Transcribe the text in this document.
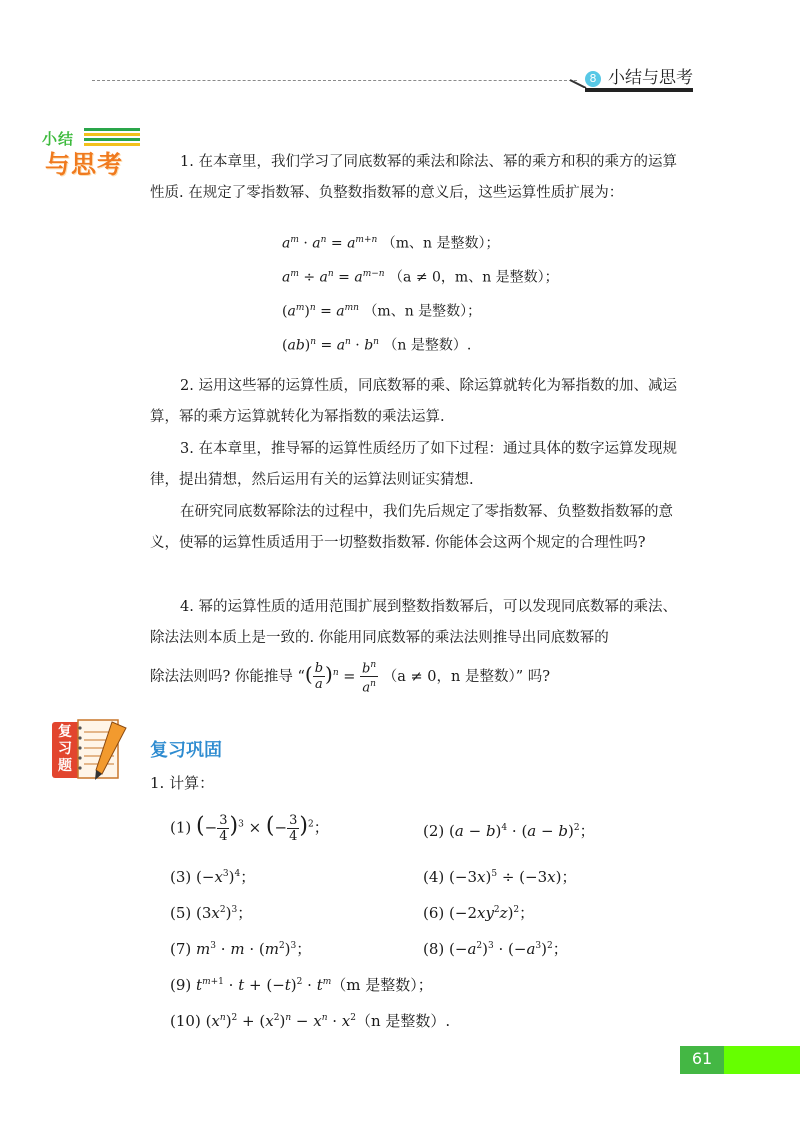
8 小结与思考
小结
与思考	1. 在本章里，我们学习了同底数幂的乘法和除法、幂的乘方和积的乘方的运算性质. 在规定了零指数幂、负整数指数幂的意义后，这些运算性质扩展为：
$a^m \cdot a^n = a^{m+n}$ （m、n 是整数）；
$a^m \div a^n = a^{m-n}$ （a ≠ 0，m、n 是整数）；
$(a^m)^n = a^{mn}$ （m、n 是整数）；
$(ab)^n = a^n \cdot b^n$ （n 是整数）.
2. 运用这些幂的运算性质，同底数幂的乘、除运算就转化为幂指数的加、减运算，幂的乘方运算就转化为幂指数的乘法运算.
3. 在本章里，推导幂的运算性质经历了如下过程：通过具体的数字运算发现规律，提出猜想，然后运用有关的运算法则证实猜想.
在研究同底数幂除法的过程中，我们先后规定了零指数幂、负整数指数幂的意义，使幂的运算性质适用于一切整数指数幂. 你能体会这两个规定的合理性吗?
4. 幂的运算性质的适用范围扩展到整数指数幂后，可以发现同底数幂的乘法、除法法则本质上是一致的. 你能用同底数幂的乘法法则推导出同底数幂的
除法法则吗? 你能推导 “( $\frac{b}{a} )^n = \frac{b^n}{a^n} (a \ne 0$，n 是整数）” 吗?
复习题
复习巩固
1. 计算：
(1) (− $\frac{3}{4} )^3$ × (− $\frac{3}{4} )^2$；	(2) $(a - b)^4 \cdot (a - b)^2$；
(3) $(-x^3)^4$；	(4) $(-3x)^5 \div (-3x)$；
(5) $(3x^2)^3$；	(6) $(-2xy^2z)^2$；
(7) $m^3 \cdot m \cdot (m^2)^3$；	(8) $(-a^2)^3 \cdot (-a^3)^2$；
(9) $t^{m+1} \cdot t + (-t)^2 \cdot t^m(m$ 是整数）；
(10) $(x^n)^2 + (x^2)^n - x^n \cdot x^2(n$ 是整数）.
61
